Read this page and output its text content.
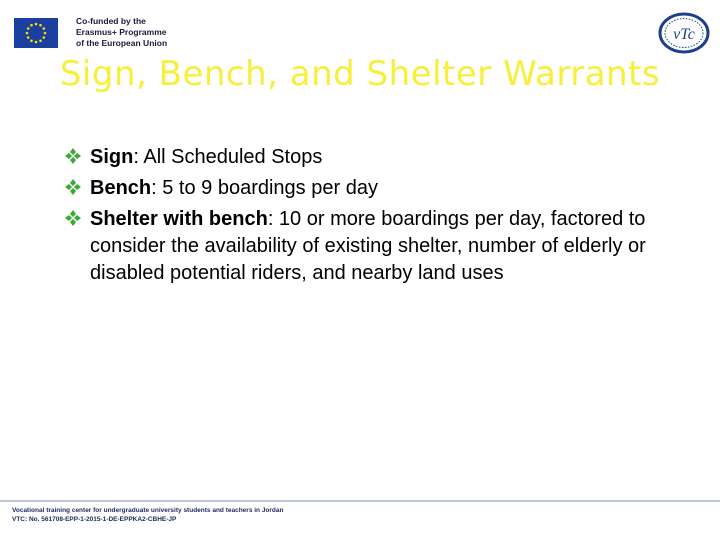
Co-funded by the
Erasmus+ Programme
of the European Union	vTc
Sign, Bench, and Shelter Warrants
Sign: All Scheduled Stops
Bench: 5 to 9 boardings per day
Shelter with bench: 10 or more boardings per day, factored to consider the availability of existing shelter, number of elderly or disabled potential riders, and nearby land uses
Vocational training center for undergraduate university students and teachers in Jordan
VTC: No. 561708-EPP-1-2015-1-DE-EPPKA2-CBHE-JP
